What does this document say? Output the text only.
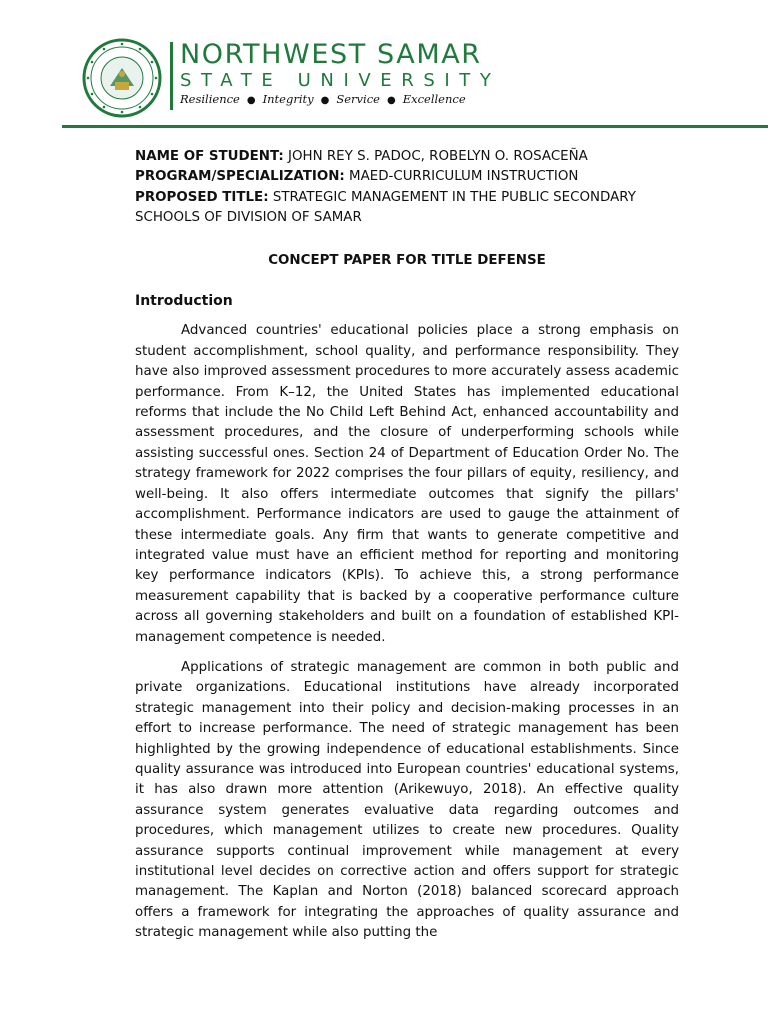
NORTHWEST SAMAR
STATE UNIVERSITY
Resilience ● Integrity ● Service ● Excellence

NAME OF STUDENT: JOHN REY S. PADOC, ROBELYN O. ROSACEÑA

PROGRAM/SPECIALIZATION: MAED-CURRICULUM INSTRUCTION

PROPOSED TITLE: STRATEGIC MANAGEMENT IN THE PUBLIC SECONDARY SCHOOLS OF DIVISION OF SAMAR

CONCEPT PAPER FOR TITLE DEFENSE
Introduction

Advanced countries' educational policies place a strong emphasis on student accomplishment, school quality, and performance responsibility. They have also improved assessment procedures to more accurately assess academic performance. From K–12, the United States has implemented educational reforms that include the No Child Left Behind Act, enhanced accountability and assessment procedures, and the closure of underperforming schools while assisting successful ones. Section 24 of Department of Education Order No. The strategy framework for 2022 comprises the four pillars of equity, resiliency, and well-being. It also offers intermediate outcomes that signify the pillars' accomplishment. Performance indicators are used to gauge the attainment of these intermediate goals. Any firm that wants to generate competitive and integrated value must have an efficient method for reporting and monitoring key performance indicators (KPIs). To achieve this, a strong performance measurement capability that is backed by a cooperative performance culture across all governing stakeholders and built on a foundation of established KPI-management competence is needed.

Applications of strategic management are common in both public and private organizations. Educational institutions have already incorporated strategic management into their policy and decision-making processes in an effort to increase performance. The need of strategic management has been highlighted by the growing independence of educational establishments. Since quality assurance was introduced into European countries' educational systems, it has also drawn more attention (Arikewuyo, 2018). An effective quality assurance system generates evaluative data regarding outcomes and procedures, which management utilizes to create new procedures. Quality assurance supports continual improvement while management at every institutional level decides on corrective action and offers support for strategic management. The Kaplan and Norton (2018) balanced scorecard approach offers a framework for integrating the approaches of quality assurance and strategic management while also putting the
